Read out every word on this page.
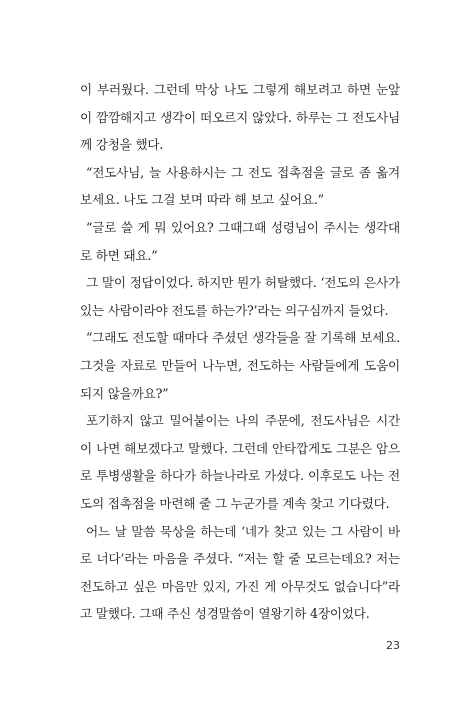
이 부러웠다. 그런데 막상 나도 그렇게 해보려고 하면 눈앞
이 깜깜해지고 생각이 떠오르지 않았다. 하루는 그 전도사님
께 강청을 했다.
“전도사님, 늘 사용하시는 그 전도 접촉점을 글로 좀 옮겨
보세요. 나도 그걸 보며 따라 해 보고 싶어요.”
“글로 쓸 게 뭐 있어요? 그때그때 성령님이 주시는 생각대
로 하면 돼요.”
그 말이 정답이었다. 하지만 뭔가 허탈했다. ‘전도의 은사가
있는 사람이라야 전도를 하는가?’라는 의구심까지 들었다.
“그래도 전도할 때마다 주셨던 생각들을 잘 기록해 보세요.
그것을 자료로 만들어 나누면, 전도하는 사람들에게 도움이
되지 않을까요?”
포기하지 않고 밀어붙이는 나의 주문에, 전도사님은 시간
이 나면 해보겠다고 말했다. 그런데 안타깝게도 그분은 암으
로 투병생활을 하다가 하늘나라로 가셨다. 이후로도 나는 전
도의 접촉점을 마련해 줄 그 누군가를 계속 찾고 기다렸다.
어느 날 말씀 묵상을 하는데 ‘네가 찾고 있는 그 사람이 바
로 너다’라는 마음을 주셨다. “저는 할 줄 모르는데요? 저는
전도하고 싶은 마음만 있지, 가진 게 아무것도 없습니다”라
고 말했다. 그때 주신 성경말씀이 열왕기하 4장이었다.
23
